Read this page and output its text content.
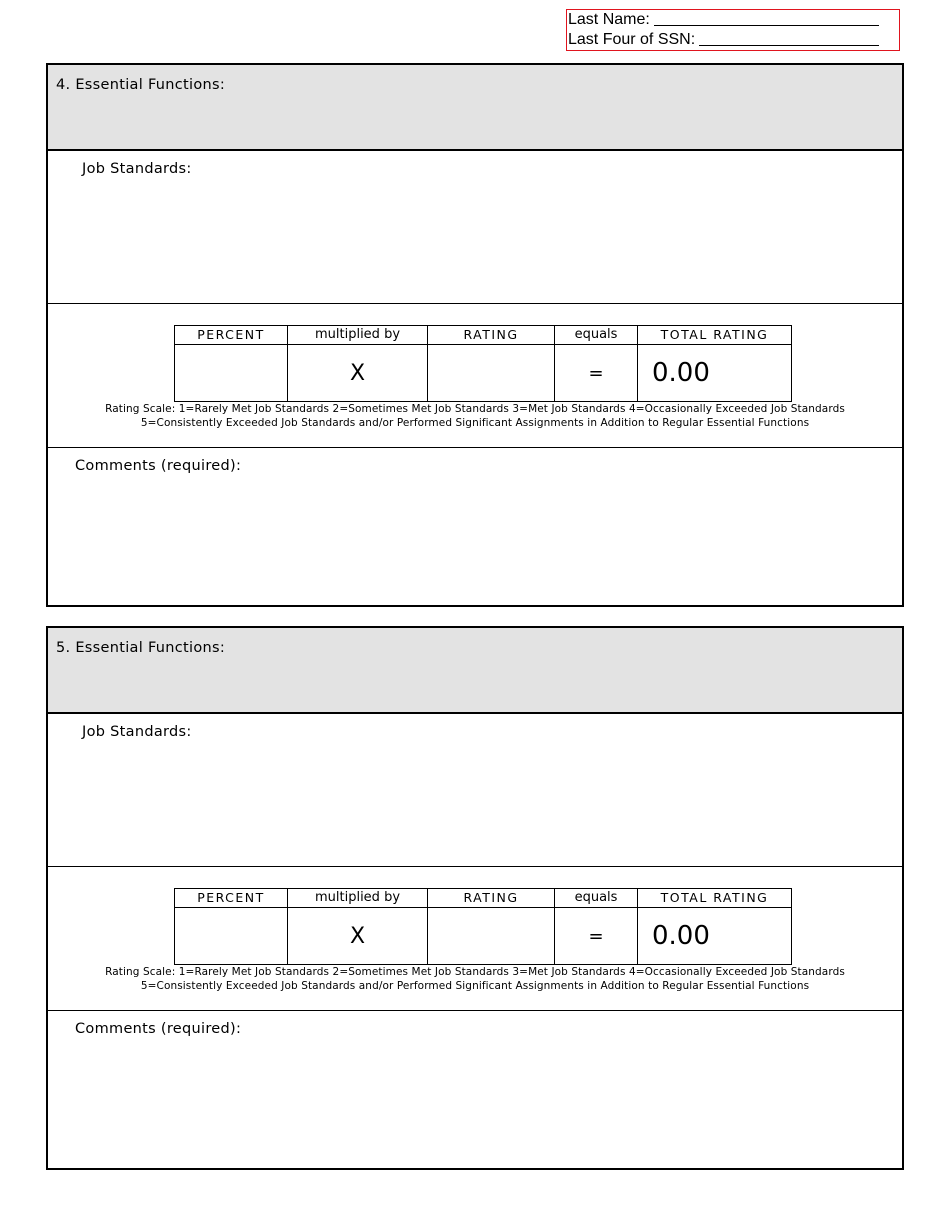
Last Name:
Last Four of SSN:
4. Essential Functions:
Job Standards:
PERCENT	multiplied by	RATING	equals	TOTAL RATING
	X		=	0.00
Rating Scale: 1=Rarely Met Job Standards 2=Sometimes Met Job Standards 3=Met Job Standards 4=Occasionally Exceeded Job Standards
5=Consistently Exceeded Job Standards and/or Performed Significant Assignments in Addition to Regular Essential Functions
Comments (required):
5. Essential Functions:
Job Standards:
PERCENT	multiplied by	RATING	equals	TOTAL RATING
	X		=	0.00
Rating Scale: 1=Rarely Met Job Standards 2=Sometimes Met Job Standards 3=Met Job Standards 4=Occasionally Exceeded Job Standards
5=Consistently Exceeded Job Standards and/or Performed Significant Assignments in Addition to Regular Essential Functions
Comments (required):
